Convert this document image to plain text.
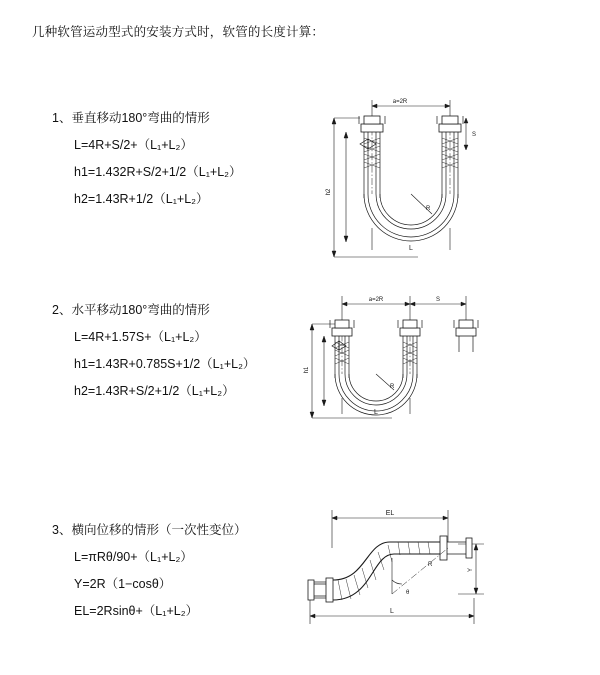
几种软管运动型式的安装方式时，软管的长度计算：
1、垂直移动180°弯曲的情形
L=4R+S/2+（L₁+L₂）
h1=1.432R+S/2+1/2（L₁+L₂）
h2=1.43R+1/2（L₁+L₂）
a=2R
h2
R
L
S
2、水平移动180°弯曲的情形
L=4R+1.57S+（L₁+L₂）
h1=1.43R+0.785S+1/2（L₁+L₂）
h2=1.43R+S/2+1/2（L₁+L₂）
a=2R	S
h1
R
L
3、横向位移的情形（一次性变位）
L=πRθ/90+（L₁+L₂）
Y=2R（1−cosθ）
EL=2Rsinθ+（L₁+L₂）
EL
Y
L
θ
R
